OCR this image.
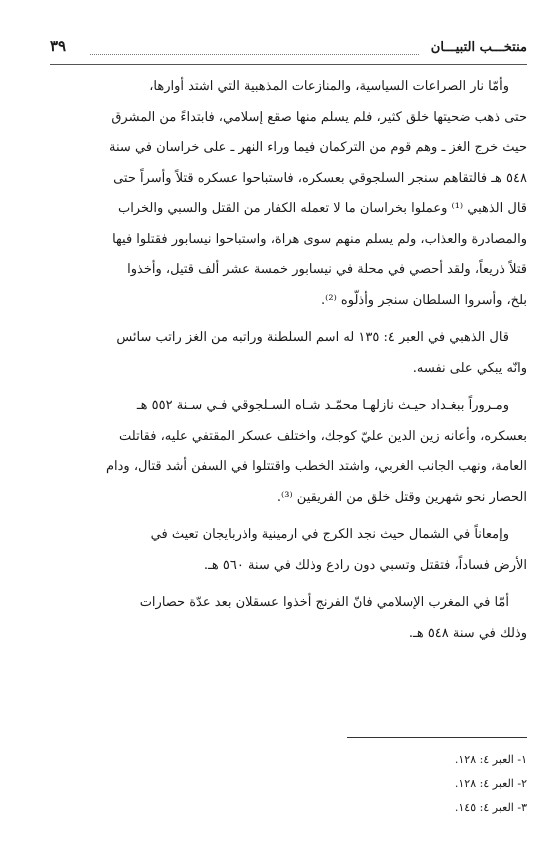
منتخـــب التبيـــان
٣٩

وأمّا نار الصراعات السياسية، والمنازعات المذهبية التي اشتد أوارها،
حتى ذهب ضحيتها خلق كثير، فلم يسلم منها صقع إسلامي، فابتداءً من المشرق
حيث خرج الغز ـ وهم قوم من التركمان فيما وراء النهر ـ على خراسان في سنة
٥٤٨ هـ فالتقاهم سنجر السلجوقي بعسكره، فاستباحوا عسكره قتلاً وأسراً حتى
قال الذهبي ⁽¹⁾ وعملوا بخراسان ما لا تعمله الكفار من القتل والسبي والخراب
والمصادرة والعذاب، ولم يسلم منهم سوى هراة، واستباحوا نيسابور فقتلوا فيها
قتلاً ذريعاً، ولقد أحصي في محلة في نيسابور خمسة عشر ألف قتيل، وأخذوا
بلخ، وأسروا السلطان سنجر وأذلّوه ⁽²⁾.

قال الذهبي في العبر ٤: ١٣٥ له اسم السلطنة وراتبه من الغز راتب سائس
وانّه يبكي على نفسه.

ومـروراً ببغـداد حيـث نازلهـا محمّـد شـاه السـلجوقي فـي سـنة ٥٥٢ هـ
بعسكره، وأعانه زين الدين عليّ كوجك، واختلف عسكر المقتفي عليه، فقاتلت
العامة، ونهب الجانب الغربي، واشتد الخطب واقتتلوا في السفن أشد قتال، ودام
الحصار نحو شهرين وقتل خلق من الفريقين ⁽³⁾.

وإمعاناً في الشمال حيث نجد الكرج في ارمينية واذربايجان تعيث في
الأرض فساداً، فتقتل وتسبي دون رادع وذلك في سنة ٥٦٠ هـ.

أمّا في المغرب الإسلامي فانّ الفرنج أخذوا عسقلان بعد عدّة حصارات
وذلك في سنة ٥٤٨ هـ.

١- العبر ٤: ١٢٨.
٢- العبر ٤: ١٢٨.
٣- العبر ٤: ١٤٥.
